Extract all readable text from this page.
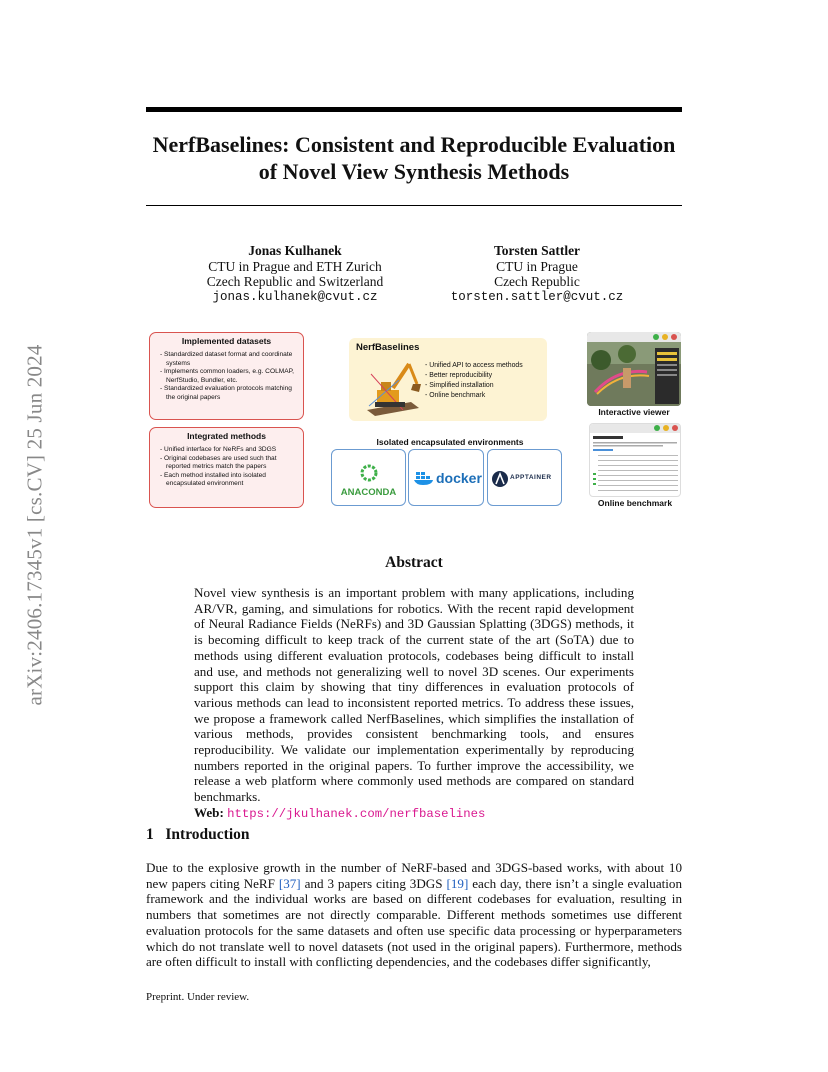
arXiv:2406.17345v1 [cs.CV] 25 Jun 2024
NerfBaselines: Consistent and Reproducible Evaluation of Novel View Synthesis Methods
Jonas Kulhanek
CTU in Prague and ETH Zurich
Czech Republic and Switzerland
jonas.kulhanek@cvut.cz
Torsten Sattler
CTU in Prague
Czech Republic
torsten.sattler@cvut.cz
Implemented datasets
- Standardized dataset format and coordinate systems
- Implements common loaders, e.g. COLMAP, NerfStudio, Bundler, etc.
- Standardized evaluation protocols matching the original papers
Integrated methods
- Unified interface for NeRFs and 3DGS
- Original codebases are used such that reported metrics match the papers
- Each method installed into isolated encapsulated environment
NerfBaselines
- Unified API to access methods
- Better reproducibility
- Simplified installation
- Online benchmark
Isolated encapsulated environments
ANACONDA
docker	APPTAINER
Interactive viewer
Online benchmark
Abstract
Novel view synthesis is an important problem with many applications, including AR/VR, gaming, and simulations for robotics. With the recent rapid development of Neural Radiance Fields (NeRFs) and 3D Gaussian Splatting (3DGS) methods, it is becoming difficult to keep track of the current state of the art (SoTA) due to methods using different evaluation protocols, codebases being difficult to install and use, and methods not generalizing well to novel 3D scenes. Our experiments support this claim by showing that tiny differences in evaluation protocols of various methods can lead to inconsistent reported metrics. To address these issues, we propose a framework called NerfBaselines, which simplifies the installation of various methods, provides consistent benchmarking tools, and ensures reproducibility. We validate our implementation experimentally by reproducing numbers reported in the original papers. To further improve the accessibility, we release a web platform where commonly used methods are compared on standard benchmarks.
Web: https://jkulhanek.com/nerfbaselines
1 Introduction
Due to the explosive growth in the number of NeRF-based and 3DGS-based works, with about 10 new papers citing NeRF [37] and 3 papers citing 3DGS [19] each day, there isn’t a single evaluation framework and the individual works are based on different codebases for evaluation, resulting in numbers that sometimes are not directly comparable. Different methods sometimes use different evaluation protocols for the same datasets and often use specific data processing or hyperparameters which do not translate well to novel datasets (not used in the original papers). Furthermore, methods are often difficult to install with conflicting dependencies, and the codebases differ significantly,
Preprint. Under review.
